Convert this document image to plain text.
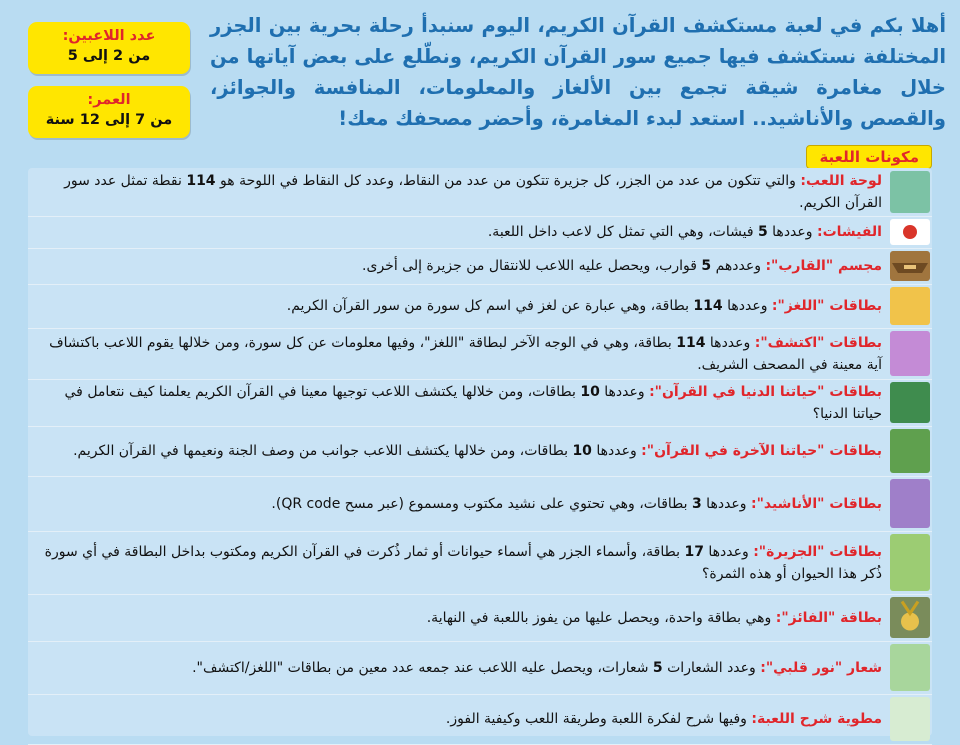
أهلا بكم في لعبة مستكشف القرآن الكريم، اليوم سنبدأ رحلة بحرية بين الجزر المختلفة نستكشف فيها جميع سور القرآن الكريم، ونطّلع على بعض آياتها من خلال مغامرة شيقة تجمع بين الألغاز والمعلومات، المنافسة والجوائز، والقصص والأناشيد.. استعد لبدء المغامرة، وأحضر مصحفك معك!
عدد اللاعبين:
من 2 إلى 5
العمر:
من 7 إلى 12 سنة
مكونات اللعبة

لوحة اللعب: والتي تتكون من عدد من الجزر، كل جزيرة تتكون من عدد من النقاط، وعدد كل النقاط في اللوحة هو 114 نقطة تمثل عدد سور القرآن الكريم.

الفيشات: وعددها 5 فيشات، وهي التي تمثل كل لاعب داخل اللعبة.

مجسم "القارب": وعددهم 5 قوارب، ويحصل عليه اللاعب للانتقال من جزيرة إلى أخرى.

بطاقات "اللغز": وعددها 114 بطاقة، وهي عبارة عن لغز في اسم كل سورة من سور القرآن الكريم.

بطاقات "اكتشف": وعددها 114 بطاقة، وهي في الوجه الآخر لبطاقة "اللغز"، وفيها معلومات عن كل سورة، ومن خلالها يقوم اللاعب باكتشاف آية معينة في المصحف الشريف.

بطاقات "حياتنا الدنيا في القرآن": وعددها 10 بطاقات، ومن خلالها يكتشف اللاعب توجيها معينا في القرآن الكريم يعلمنا كيف نتعامل في حياتنا الدنيا؟

بطاقات "حياتنا الآخرة في القرآن": وعددها 10 بطاقات، ومن خلالها يكتشف اللاعب جوانب من وصف الجنة ونعيمها في القرآن الكريم.

بطاقات "الأناشيد": وعددها 3 بطاقات، وهي تحتوي على نشيد مكتوب ومسموع (عبر مسح QR code).

بطاقات "الجزيرة": وعددها 17 بطاقة، وأسماء الجزر هي أسماء حيوانات أو ثمار ذُكرت في القرآن الكريم ومكتوب بداخل البطاقة في أي سورة ذُكر هذا الحيوان أو هذه الثمرة؟

بطاقة "الفائز": وهي بطاقة واحدة، ويحصل عليها من يفوز باللعبة في النهاية.

شعار "نور قلبي": وعدد الشعارات 5 شعارات، ويحصل عليه اللاعب عند جمعه عدد معين من بطاقات "اللغز/اكتشف".

مطوية شرح اللعبة: وفيها شرح لفكرة اللعبة وطريقة اللعب وكيفية الفوز.
